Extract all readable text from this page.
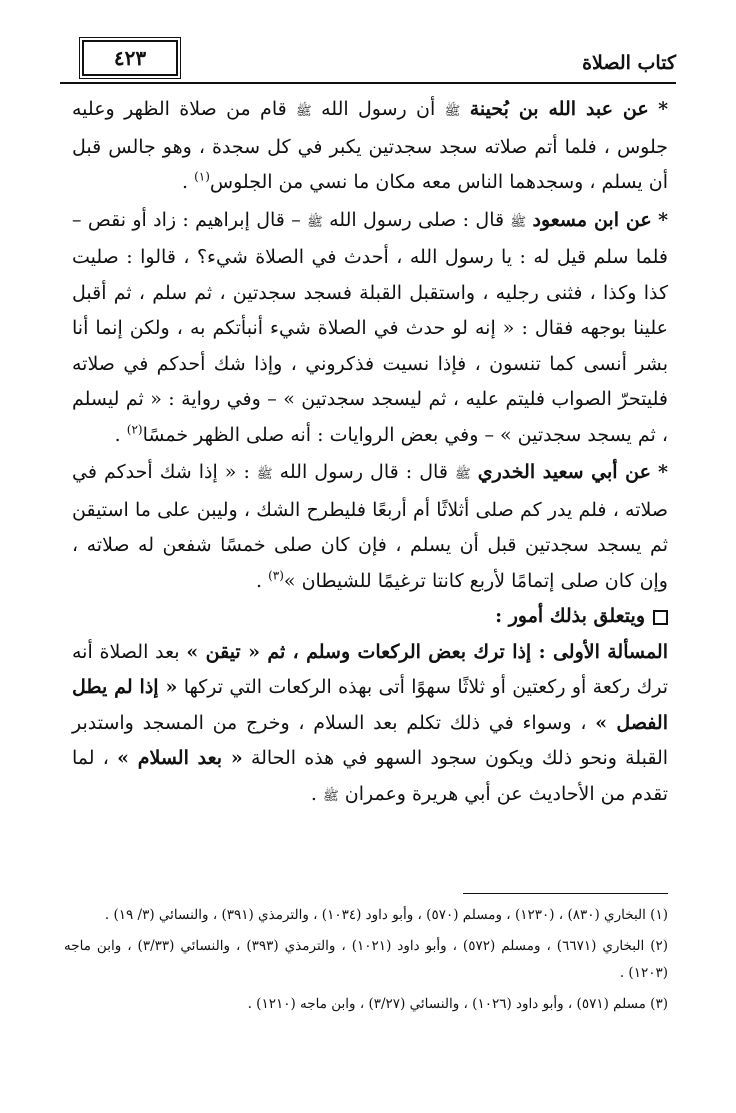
كتاب الصلاة
٤٢٣

* عن عبد الله بن بُحينة ﷺ أن رسول الله ﷺ قام من صلاة الظهر وعليه جلوس ، فلما أتم صلاته سجد سجدتين يكبر في كل سجدة ، وهو جالس قبل أن يسلم ، وسجدهما الناس معه مكان ما نسي من الجلوس$^{(١)}$ .

* عن ابن مسعود ﷺ قال : صلى رسول الله ﷺ – قال إبراهيم : زاد أو نقص – فلما سلم قيل له : يا رسول الله ، أحدث في الصلاة شيء؟ ، قالوا : صليت كذا وكذا ، فثنى رجليه ، واستقبل القبلة فسجد سجدتين ، ثم سلم ، ثم أقبل علينا بوجهه فقال : « إنه لو حدث في الصلاة شيء أنبأتكم به ، ولكن إنما أنا بشر أنسى كما تنسون ، فإذا نسيت فذكروني ، وإذا شك أحدكم في صلاته فليتحرّ الصواب فليتم عليه ، ثم ليسجد سجدتين » – وفي رواية : « ثم ليسلم ، ثم يسجد سجدتين » – وفي بعض الروايات : أنه صلى الظهر خمسًا$^{(٢)}$ .

* عن أبي سعيد الخدري ﷺ قال : قال رسول الله ﷺ : « إذا شك أحدكم في صلاته ، فلم يدر كم صلى أثلاثًا أم أربعًا فليطرح الشك ، وليبن على ما استيقن ثم يسجد سجدتين قبل أن يسلم ، فإن كان صلى خمسًا شفعن له صلاته ، وإن كان صلى إتمامًا لأربع كانتا ترغيمًا للشيطان »$^{(٣)}$ .

ويتعلق بذلك أمور :

المسألة الأولى : إذا ترك بعض الركعات وسلم ، ثم « تيقن » بعد الصلاة أنه ترك ركعة أو ركعتين أو ثلاثًا سهوًا أتى بهذه الركعات التي تركها « إذا لم يطل الفصل » ، وسواء في ذلك تكلم بعد السلام ، وخرج من المسجد واستدبر القبلة ونحو ذلك ويكون سجود السهو في هذه الحالة « بعد السلام » ، لما تقدم من الأحاديث عن أبي هريرة وعمران ﷺ .

(١) البخاري (٨٣٠) ، (١٢٣٠) ، ومسلم (٥٧٠) ، وأبو داود (١٠٣٤) ، والترمذي (٣٩١) ، والنسائي (٣/ ١٩) .

(٢) البخاري (٦٦٧١) ، ومسلم (٥٧٢) ، وأبو داود (١٠٢١) ، والترمذي (٣٩٣) ، والنسائي (٣/٣٣) ، وابن ماجه (١٢٠٣) .

(٣) مسلم (٥٧١) ، وأبو داود (١٠٢٦) ، والنسائي (٣/٢٧) ، وابن ماجه (١٢١٠) .
